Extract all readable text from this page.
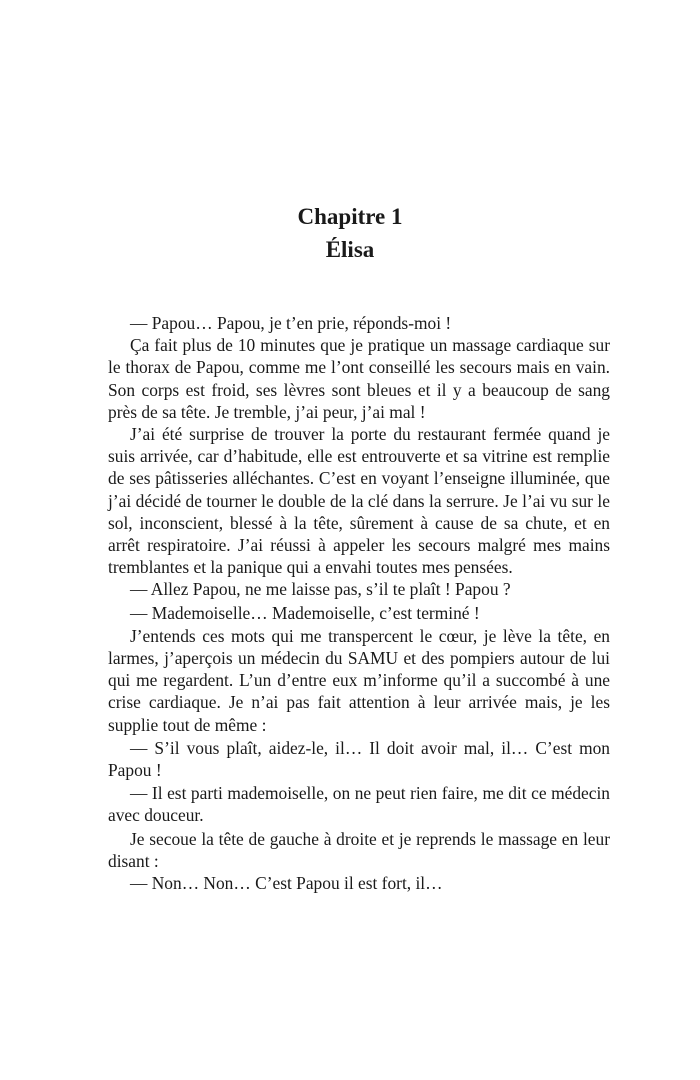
Chapitre 1
Élisa

— Papou… Papou, je t’en prie, réponds-moi !

Ça fait plus de 10 minutes que je pratique un massage cardiaque sur le thorax de Papou, comme me l’ont conseillé les secours mais en vain. Son corps est froid, ses lèvres sont bleues et il y a beaucoup de sang près de sa tête. Je tremble, j’ai peur, j’ai mal !

J’ai été surprise de trouver la porte du restaurant fermée quand je suis arrivée, car d’habitude, elle est entrouverte et sa vitrine est remplie de ses pâtisseries alléchantes. C’est en voyant l’enseigne illuminée, que j’ai décidé de tourner le double de la clé dans la serrure. Je l’ai vu sur le sol, inconscient, blessé à la tête, sûrement à cause de sa chute, et en arrêt respiratoire. J’ai réussi à appeler les secours malgré mes mains tremblantes et la panique qui a envahi toutes mes pensées.

— Allez Papou, ne me laisse pas, s’il te plaît ! Papou ?

— Mademoiselle… Mademoiselle, c’est terminé !

J’entends ces mots qui me transpercent le cœur, je lève la tête, en larmes, j’aperçois un médecin du SAMU et des pompiers autour de lui qui me regardent. L’un d’entre eux m’informe qu’il a succombé à une crise cardiaque. Je n’ai pas fait attention à leur arrivée mais, je les supplie tout de même :

— S’il vous plaît, aidez-le, il… Il doit avoir mal, il… C’est mon Papou !

— Il est parti mademoiselle, on ne peut rien faire, me dit ce médecin avec douceur.

Je secoue la tête de gauche à droite et je reprends le massage en leur disant :

— Non… Non… C’est Papou il est fort, il…
